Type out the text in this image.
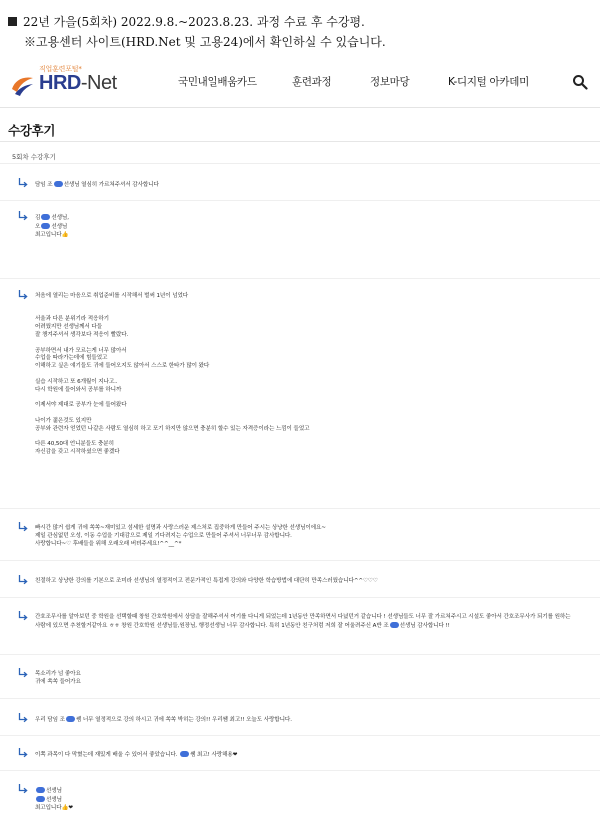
22년 가을(5회차) 2022.9.8.~2023.8.23. 과정 수료 후 수강평.
※고용센터 사이트(HRD.Net 및 고용24)에서 확인하실 수 있습니다.
직업훈련포털*
HRD-Net	국민내일배움카드	훈련과정	정보마당	K-디지털 아카데미
수강후기
5회차 수강후기

담임 조 선생님 열심히 가르쳐주셔서 감사합니다

김 선생님,

오 선생님

최고입니다👍

처음에 열리는 마음으로 취업준비를 시작해서 벌써 1년이 넘었다

서울과 다른 분위기라 적응하기

어려웠지만 선생님께서 다들

잘 챙겨주셔서 생각보다 적응이 빨랐다.

공부하면서 내가 모르는게 너무 많아서

수업을 따라가는데에 힘들었고

이해하고 싶은 얘기들도 귀에 들어오지도 않아서 스스로 한타가 많이 왔다

실습 시작하고 또 6개월이 지나고..

다시 학원에 들어와서 공부를 하니까

이제서야 제대로 공부가 눈에 들어왔다

나이가 젊은것도 있지만

공부와 관련자 얻었던 나같은 사람도 열심히 하고 포기 하지만 않으면 충분히 할수 있는 자격증이라는 느낌이 들었고

다른 40,50대 언니분들도 충분히

자신감을 갖고 시작하셨으면 좋겠다

빠시간 많거 쉽게 귀에 쏙쏙~재미있고 섬세한 설명과 사랑스러운 제스처로 집중하게 만들어 주시는 상냥한 선생님이에요~

제일 관심없던 오성, 이동 수업을 기대감으로 제일 기다려지는 수업으로 만들어 주셔서 너무너무 감사합니다.

사랑합니다~♡ 후배들을 위해 오래오래 버텨주세요!^^__^*

친절하고 상냥한 강의를 기본으로 조미라 선생님의 열정적이고 전문가적인 특접게 강의와 다양한 학습방법에 대단히 만족스러웠습니다^^♡♡♡

간호조무사를 알아보던 중 학원을 선택할때 창원 간호학원에서 상담을 잘해주셔서 여기를 다니게 되었는데 1년동안 만족하면서 다녔던거 같습니다 ! 선생님들도 너무 잘 가르쳐주시고 시설도 좋아서 간호조무사가 되기를 원하는 사람에 있으면 추천할거같아요 ㅎㅎ 창원 간호학원 선생님들,원장님, 행정선생님 너무 감사합니다. 특히 1년동안 친구처럼 저희 잘 어울려주신 A반 조 선생님 감사합니다 !!

목소리가 넘 좋아요

귀에 쏙쏙 들어가요

우리 담임 조 쌤 너무 열정적으로 강의 하시고 귀에 쏙쏙 박히는 강의!! 우리쌤 최고!! 오늘도 사랑합니다.

이쪽 과목이 다 막혔는데 재밌게 배울 수 있어서 좋았습니다. 쌤 최고! 사랑해용❤

선생님

선생님

최고입니다👍❤
